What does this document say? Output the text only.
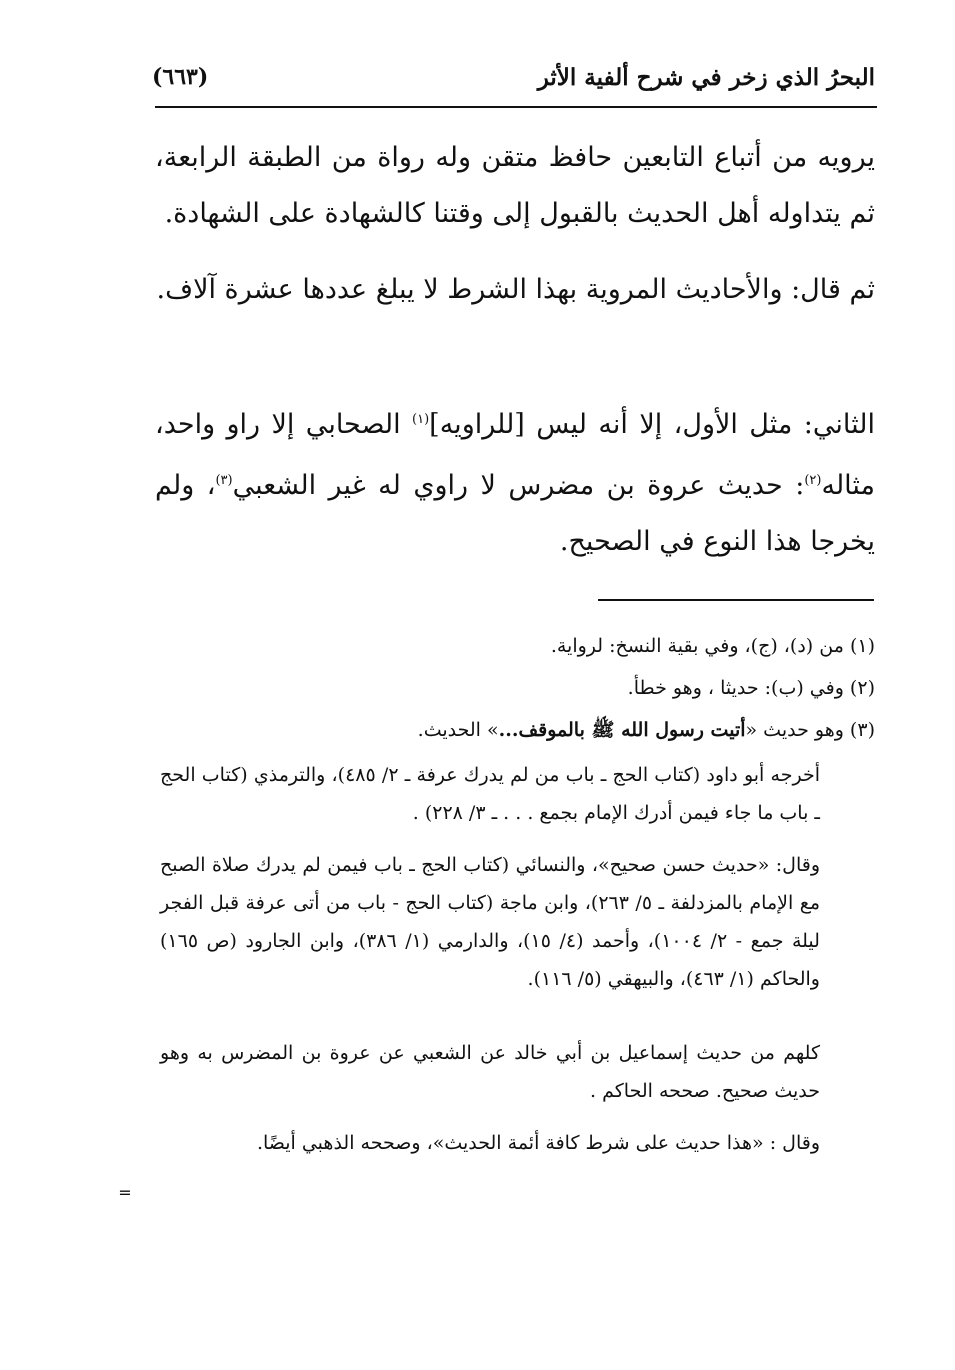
البحرُ الذي زخر في شرح ألفية الأثر
(٦٦٣)
يرويه من أتباع التابعين حافظ متقن وله رواة من الطبقة الرابعة، ثم يتداوله أهل الحديث بالقبول إلى وقتنا كالشهادة على الشهادة.
ثم قال: والأحاديث المروية بهذا الشرط لا يبلغ عددها عشرة آلاف.
الثاني: مثل الأول، إلا أنه ليس [للراويه]$^{(١)}$ الصحابي إلا راو واحد، مثاله$^{(٢)}$: حديث عروة بن مضرس لا راوي له غير الشعبي$^{(٣)}$، ولم يخرجا هذا النوع في الصحيح.
(١) من (د)، (ج)، وفي بقية النسخ: لرواية.
(٢) وفي (ب): حديثا ، وهو خطأ.
(٣) وهو حديث «أتيت رسول الله ﷺ بالموقف...» الحديث.
أخرجه أبو داود (كتاب الحج ـ باب من لم يدرك عرفة ـ ٢/ ٤٨٥)، والترمذي (كتاب الحج ـ باب ما جاء فيمن أدرك الإمام بجمع . . . ـ ٣/ ٢٢٨) .
وقال: «حديث حسن صحيح»، والنسائي (كتاب الحج ـ باب فيمن لم يدرك صلاة الصبح مع الإمام بالمزدلفة ـ ٥/ ٢٦٣)، وابن ماجة (كتاب الحج - باب من أتى عرفة قبل الفجر ليلة جمع - ٢/ ١٠٠٤)، وأحمد (٤/ ١٥)، والدارمي (١/ ٣٨٦)، وابن الجارود (ص ١٦٥) والحاكم (١/ ٤٦٣)، والبيهقي (٥/ ١١٦).
كلهم من حديث إسماعيل بن أبي خالد عن الشعبي عن عروة بن المضرس به وهو حديث صحيح. صححه الحاكم .
وقال : «هذا حديث على شرط كافة أئمة الحديث»، وصححه الذهبي أيضًا.
=
